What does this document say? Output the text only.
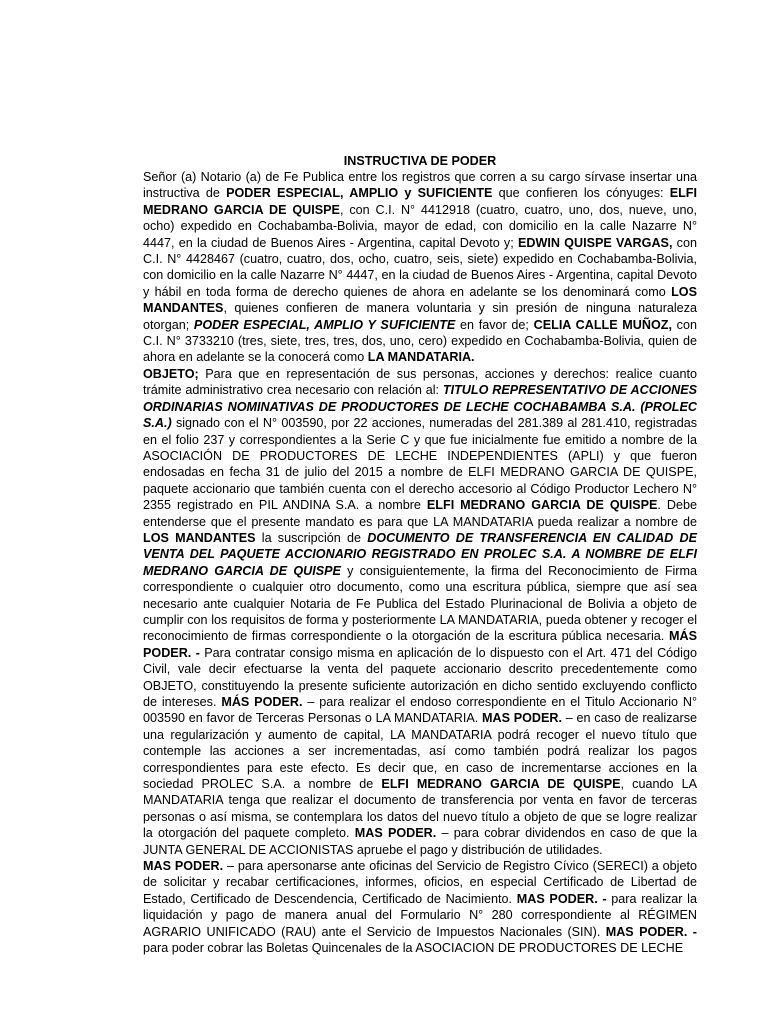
INSTRUCTIVA DE PODER

Señor (a) Notario (a) de Fe Publica entre los registros que corren a su cargo sírvase insertar una instructiva de PODER ESPECIAL, AMPLIO y SUFICIENTE que confieren los cónyuges: ELFI MEDRANO GARCIA DE QUISPE, con C.I. N° 4412918 (cuatro, cuatro, uno, dos, nueve, uno, ocho) expedido en Cochabamba-Bolivia, mayor de edad, con domicilio en la calle Nazarre N° 4447, en la ciudad de Buenos Aires - Argentina, capital Devoto y; EDWIN QUISPE VARGAS, con C.I. N° 4428467 (cuatro, cuatro, dos, ocho, cuatro, seis, siete) expedido en Cochabamba-Bolivia, con domicilio en la calle Nazarre N° 4447, en la ciudad de Buenos Aires - Argentina, capital Devoto y hábil en toda forma de derecho quienes de ahora en adelante se los denominará como LOS MANDANTES, quienes confieren de manera voluntaria y sin presión de ninguna naturaleza otorgan; PODER ESPECIAL, AMPLIO Y SUFICIENTE en favor de; CELIA CALLE MUÑOZ, con C.I. N° 3733210 (tres, siete, tres, tres, dos, uno, cero) expedido en Cochabamba-Bolivia, quien de ahora en adelante se la conocerá como LA MANDATARIA.

OBJETO; Para que en representación de sus personas, acciones y derechos: realice cuanto trámite administrativo crea necesario con relación al: TITULO REPRESENTATIVO DE ACCIONES ORDINARIAS NOMINATIVAS DE PRODUCTORES DE LECHE COCHABAMBA S.A. (PROLEC S.A.) signado con el N° 003590, por 22 acciones, numeradas del 281.389 al 281.410, registradas en el folio 237 y correspondientes a la Serie C y que fue inicialmente fue emitido a nombre de la ASOCIACIÓN DE PRODUCTORES DE LECHE INDEPENDIENTES (APLI) y que fueron endosadas en fecha 31 de julio del 2015 a nombre de ELFI MEDRANO GARCIA DE QUISPE, paquete accionario que también cuenta con el derecho accesorio al Código Productor Lechero N° 2355 registrado en PIL ANDINA S.A. a nombre ELFI MEDRANO GARCIA DE QUISPE. Debe entenderse que el presente mandato es para que LA MANDATARIA pueda realizar a nombre de LOS MANDANTES la suscripción de DOCUMENTO DE TRANSFERENCIA EN CALIDAD DE VENTA DEL PAQUETE ACCIONARIO REGISTRADO EN PROLEC S.A. A NOMBRE DE ELFI MEDRANO GARCIA DE QUISPE y consiguientemente, la firma del Reconocimiento de Firma correspondiente o cualquier otro documento, como una escritura pública, siempre que así sea necesario ante cualquier Notaria de Fe Publica del Estado Plurinacional de Bolivia a objeto de cumplir con los requisitos de forma y posteriormente LA MANDATARIA, pueda obtener y recoger el reconocimiento de firmas correspondiente o la otorgación de la escritura pública necesaria. MÁS PODER. - Para contratar consigo misma en aplicación de lo dispuesto con el Art. 471 del Código Civil, vale decir efectuarse la venta del paquete accionario descrito precedentemente como OBJETO, constituyendo la presente suficiente autorización en dicho sentido excluyendo conflicto de intereses. MÁS PODER. – para realizar el endoso correspondiente en el Titulo Accionario N° 003590 en favor de Terceras Personas o LA MANDATARIA. MAS PODER. – en caso de realizarse una regularización y aumento de capital, LA MANDATARIA podrá recoger el nuevo título que contemple las acciones a ser incrementadas, así como también podrá realizar los pagos correspondientes para este efecto. Es decir que, en caso de incrementarse acciones en la sociedad PROLEC S.A. a nombre de ELFI MEDRANO GARCIA DE QUISPE, cuando LA MANDATARIA tenga que realizar el documento de transferencia por venta en favor de terceras personas o así misma, se contemplara los datos del nuevo título a objeto de que se logre realizar la otorgación del paquete completo. MAS PODER. – para cobrar dividendos en caso de que la JUNTA GENERAL DE ACCIONISTAS apruebe el pago y distribución de utilidades.

MAS PODER. – para apersonarse ante oficinas del Servicio de Registro Cívico (SERECI) a objeto de solicitar y recabar certificaciones, informes, oficios, en especial Certificado de Libertad de Estado, Certificado de Descendencia, Certificado de Nacimiento. MAS PODER. - para realizar la liquidación y pago de manera anual del Formulario N° 280 correspondiente al RÉGIMEN AGRARIO UNIFICADO (RAU) ante el Servicio de Impuestos Nacionales (SIN). MAS PODER. - para poder cobrar las Boletas Quincenales de la ASOCIACION DE PRODUCTORES DE LECHE
